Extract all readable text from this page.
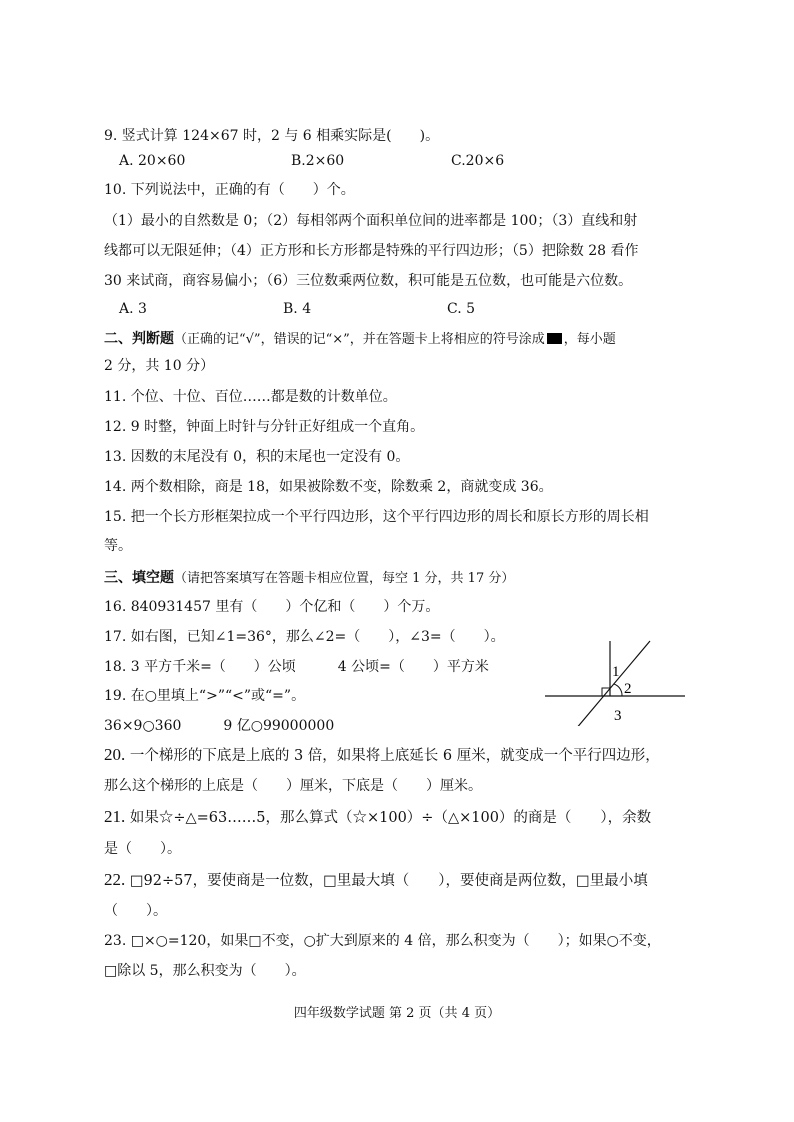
9. 竖式计算 124×67 时，2 与 6 相乘实际是(　　)。
A. 20×60	B.2×60	C.20×6
10. 下列说法中，正确的有（　　）个。
（1）最小的自然数是 0；（2）每相邻两个面积单位间的进率都是 100；（3）直线和射
线都可以无限延伸；（4）正方形和长方形都是特殊的平行四边形；（5）把除数 28 看作
30 来试商，商容易偏小；（6）三位数乘两位数，积可能是五位数，也可能是六位数。
A. 3	B. 4	C. 5
二、判断题（正确的记“√”，错误的记“×”，并在答题卡上将相应的符号涂成 ，每小题
2 分，共 10 分）
11. 个位、十位、百位……都是数的计数单位。
12. 9 时整，钟面上时针与分针正好组成一个直角。
13. 因数的末尾没有 0，积的末尾也一定没有 0。
14. 两个数相除，商是 18，如果被除数不变，除数乘 2，商就变成 36。
15. 把一个长方形框架拉成一个平行四边形，这个平行四边形的周长和原长方形的周长相
等。
三、填空题（请把答案填写在答题卡相应位置，每空 1 分，共 17 分）
16. 840931457 里有（　　）个亿和（　　）个万。
17. 如右图，已知∠1=36°，那么∠2=（　　），∠3=（　　）。
18. 3 平方千米=（　　）公顷　　　4 公顷=（　　）平方米
19. 在○里填上“>”“<”或“=”。
36×9○360　　　9 亿○99000000
1
2
3
20. 一个梯形的下底是上底的 3 倍，如果将上底延长 6 厘米，就变成一个平行四边形，
那么这个梯形的上底是（　　）厘米，下底是（　　）厘米。
21. 如果☆÷△=63……5，那么算式（☆×100）÷（△×100）的商是（　　），余数
是（　　）。
22. □92÷57，要使商是一位数，□里最大填（　　），要使商是两位数，□里最小填
（　　）。
23. □×○=120，如果□不变，○扩大到原来的 4 倍，那么积变为（　　）；如果○不变，
□除以 5，那么积变为（　　）。
四年级数学试题 第 2 页（共 4 页）
